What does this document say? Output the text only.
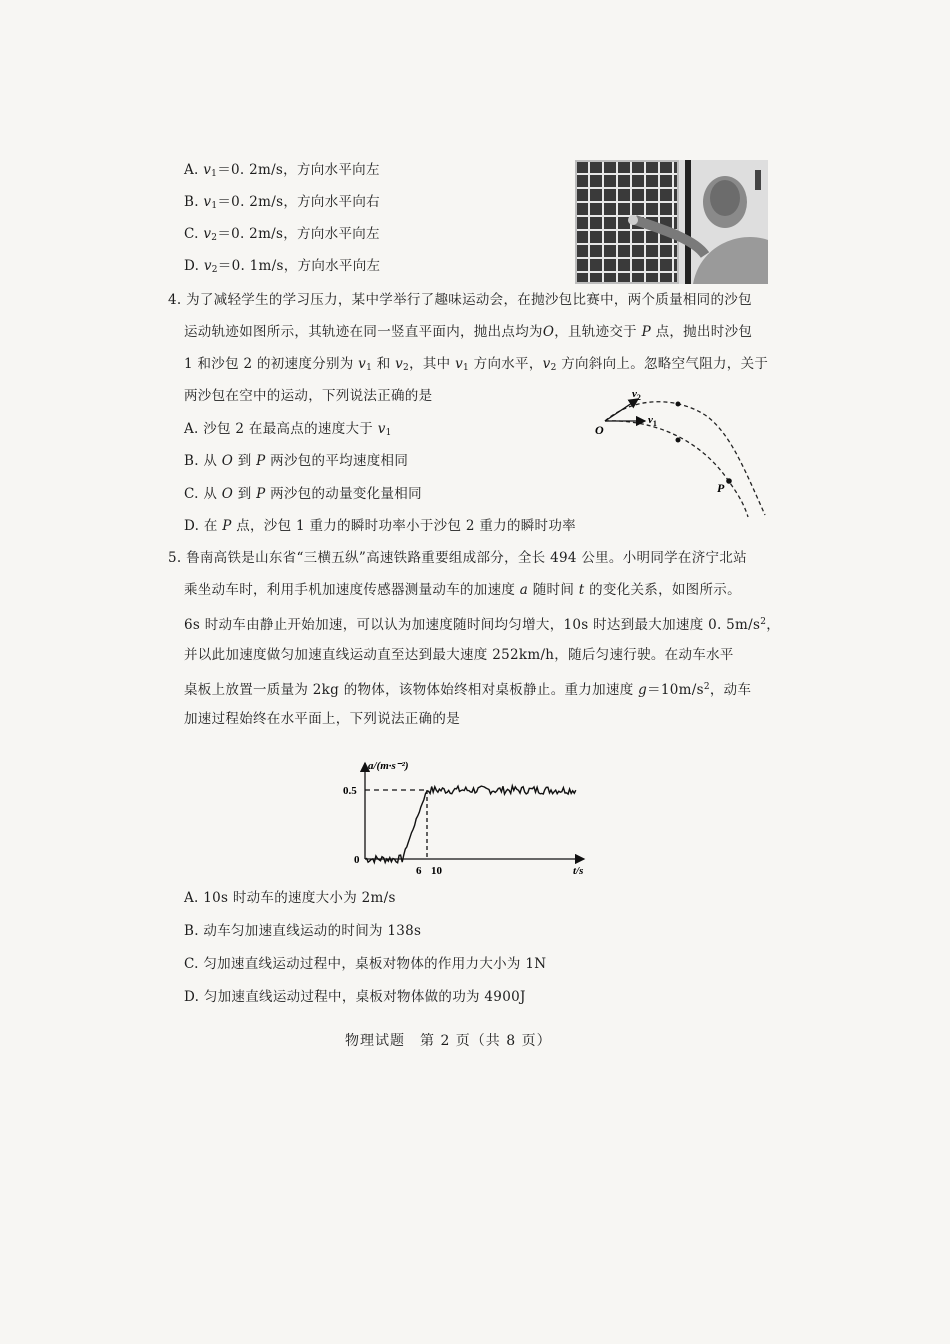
A. $v_1=0$. 2m/s，方向水平向左
B. $v_1=0$. 2m/s，方向水平向右
C. $v_2=0$. 2m/s，方向水平向左
D. $v_2=0$. 1m/s，方向水平向左
4. 为了减轻学生的学习压力，某中学举行了趣味运动会，在抛沙包比赛中，两个质量相同的沙包
运动轨迹如图所示，其轨迹在同一竖直平面内，抛出点均为O，且轨迹交于 P 点，抛出时沙包
1 和沙包 2 的初速度分别为 $v_1$ 和 $v_2$，其中 $v_1$ 方向水平，$v_2$ 方向斜向上。忽略空气阻力，关于
两沙包在空中的运动，下列说法正确的是
A. 沙包 2 在最高点的速度大于 $v_1$
B. 从 O 到 P 两沙包的平均速度相同
C. 从 O 到 P 两沙包的动量变化量相同
D. 在 P 点，沙包 1 重力的瞬时功率小于沙包 2 重力的瞬时功率
O
P
$v_2$
$v_1$
5. 鲁南高铁是山东省“三横五纵”高速铁路重要组成部分，全长 494 公里。小明同学在济宁北站
乘坐动车时，利用手机加速度传感器测量动车的加速度 a 随时间 t 的变化关系，如图所示。
6s 时动车由静止开始加速，可以认为加速度随时间均匀增大，10s 时达到最大加速度 0. $5m/s^2$，
并以此加速度做匀加速直线运动直至达到最大速度 252km/h，随后匀速行驶。在动车水平
桌板上放置一质量为 2kg 的物体，该物体始终相对桌板静止。重力加速度 $g=10m/s^2$，动车
加速过程始终在水平面上，下列说法正确的是
a/(m·s⁻²)
0.5
0
6 10	t/s
A. 10s 时动车的速度大小为 2m/s
B. 动车匀加速直线运动的时间为 138s
C. 匀加速直线运动过程中，桌板对物体的作用力大小为 1N
D. 匀加速直线运动过程中，桌板对物体做的功为 4900J
物理试题　第 2 页（共 8 页）
